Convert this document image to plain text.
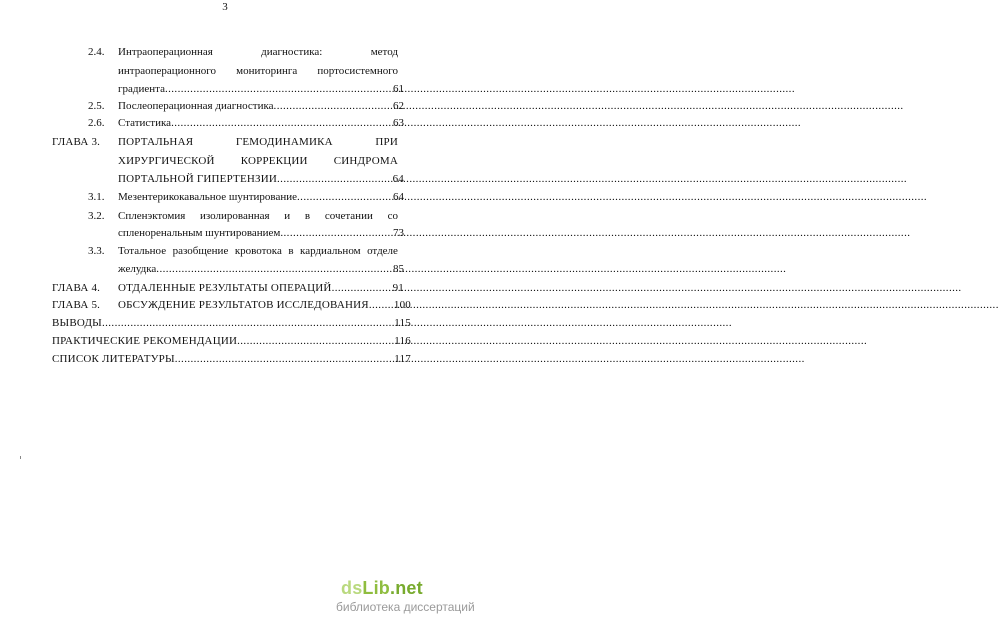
3
2.4. Интраоперационная	диагностика:	метод
интраоперационного мониторинга портосистемного
градиента .....	61
2.5. Послеоперационная диагностика .....	62
2.6. Статистика .....	63
ГЛАВА 3. ПОРТАЛЬНАЯ	ГЕМОДИНАМИКА	ПРИ
ХИРУРГИЧЕСКОЙ КОРРЕКЦИИ СИНДРОМА
ПОРТАЛЬНОЙ ГИПЕРТЕНЗИИ .....	64
3.1. Мезентерикокавальное шунтирование .....	64
3.2. Спленэктомия изолированная и в сочетании со
спленоренальным шунтированием .....	73
3.3. Тотальное разобщение кровотока в кардиальном отделе
желудка .....	85
ГЛАВА 4. ОТДАЛЕННЫЕ РЕЗУЛЬТАТЫ ОПЕРАЦИЙ .....	91
ГЛАВА 5. ОБСУЖДЕНИЕ РЕЗУЛЬТАТОВ ИССЛЕДОВАНИЯ ..... 100
ВЫВОДЫ .....	115
ПРАКТИЧЕСКИЕ РЕКОМЕНДАЦИИ .....	116
СПИСОК ЛИТЕРАТУРЫ .....	117
dsLib.net
библиотека диссертаций
